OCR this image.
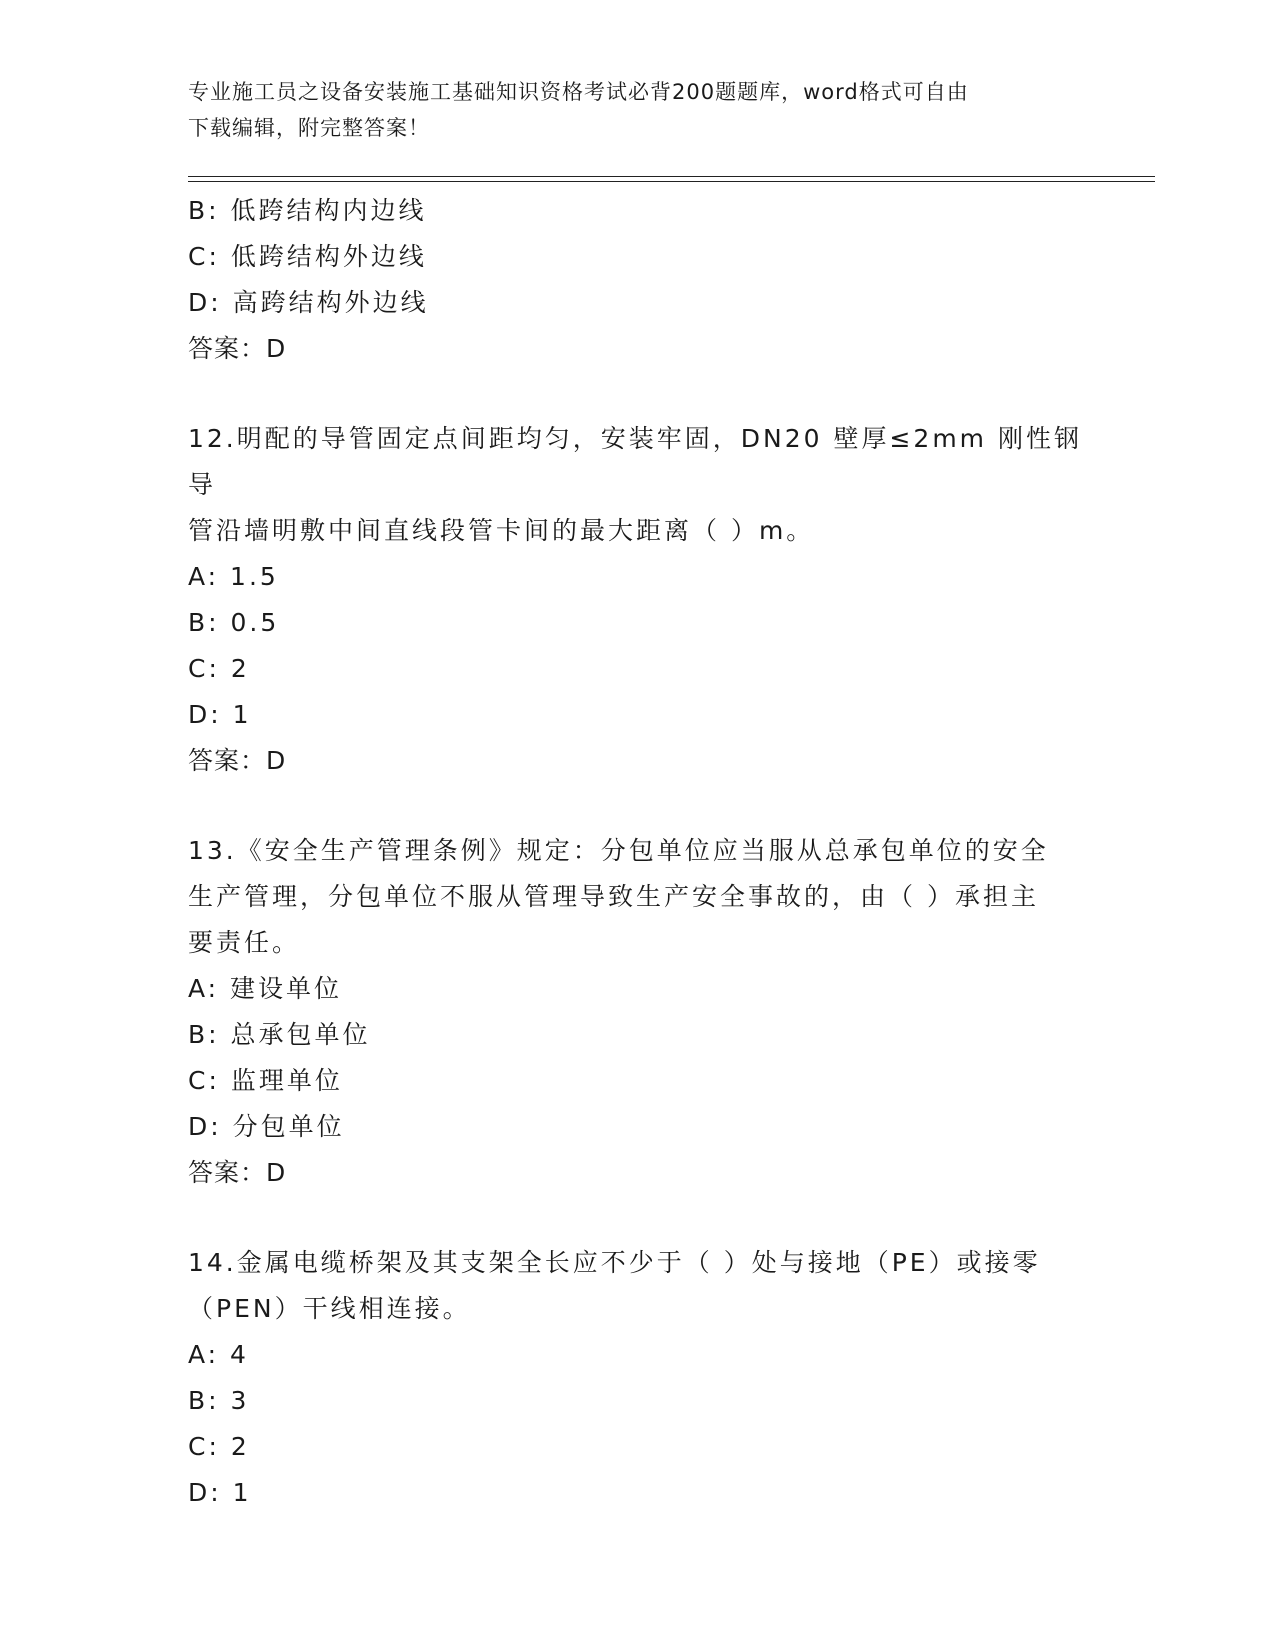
专业施工员之设备安装施工基础知识资格考试必背200题题库，word格式可自由
下载编辑，附完整答案！
B: 低跨结构内边线
C: 低跨结构外边线
D: 高跨结构外边线
答案：D
12.明配的导管固定点间距均匀，安装牢固，DN20 壁厚≤2mm 刚性钢导
管沿墙明敷中间直线段管卡间的最大距离（ ）m。
A: 1.5
B: 0.5
C: 2
D: 1
答案：D
13.《安全生产管理条例》规定：分包单位应当服从总承包单位的安全
生产管理，分包单位不服从管理导致生产安全事故的，由（ ）承担主
要责任。
A: 建设单位
B: 总承包单位
C: 监理单位
D: 分包单位
答案：D
14.金属电缆桥架及其支架全长应不少于（ ）处与接地（PE）或接零
（PEN）干线相连接。
A: 4
B: 3
C: 2
D: 1
